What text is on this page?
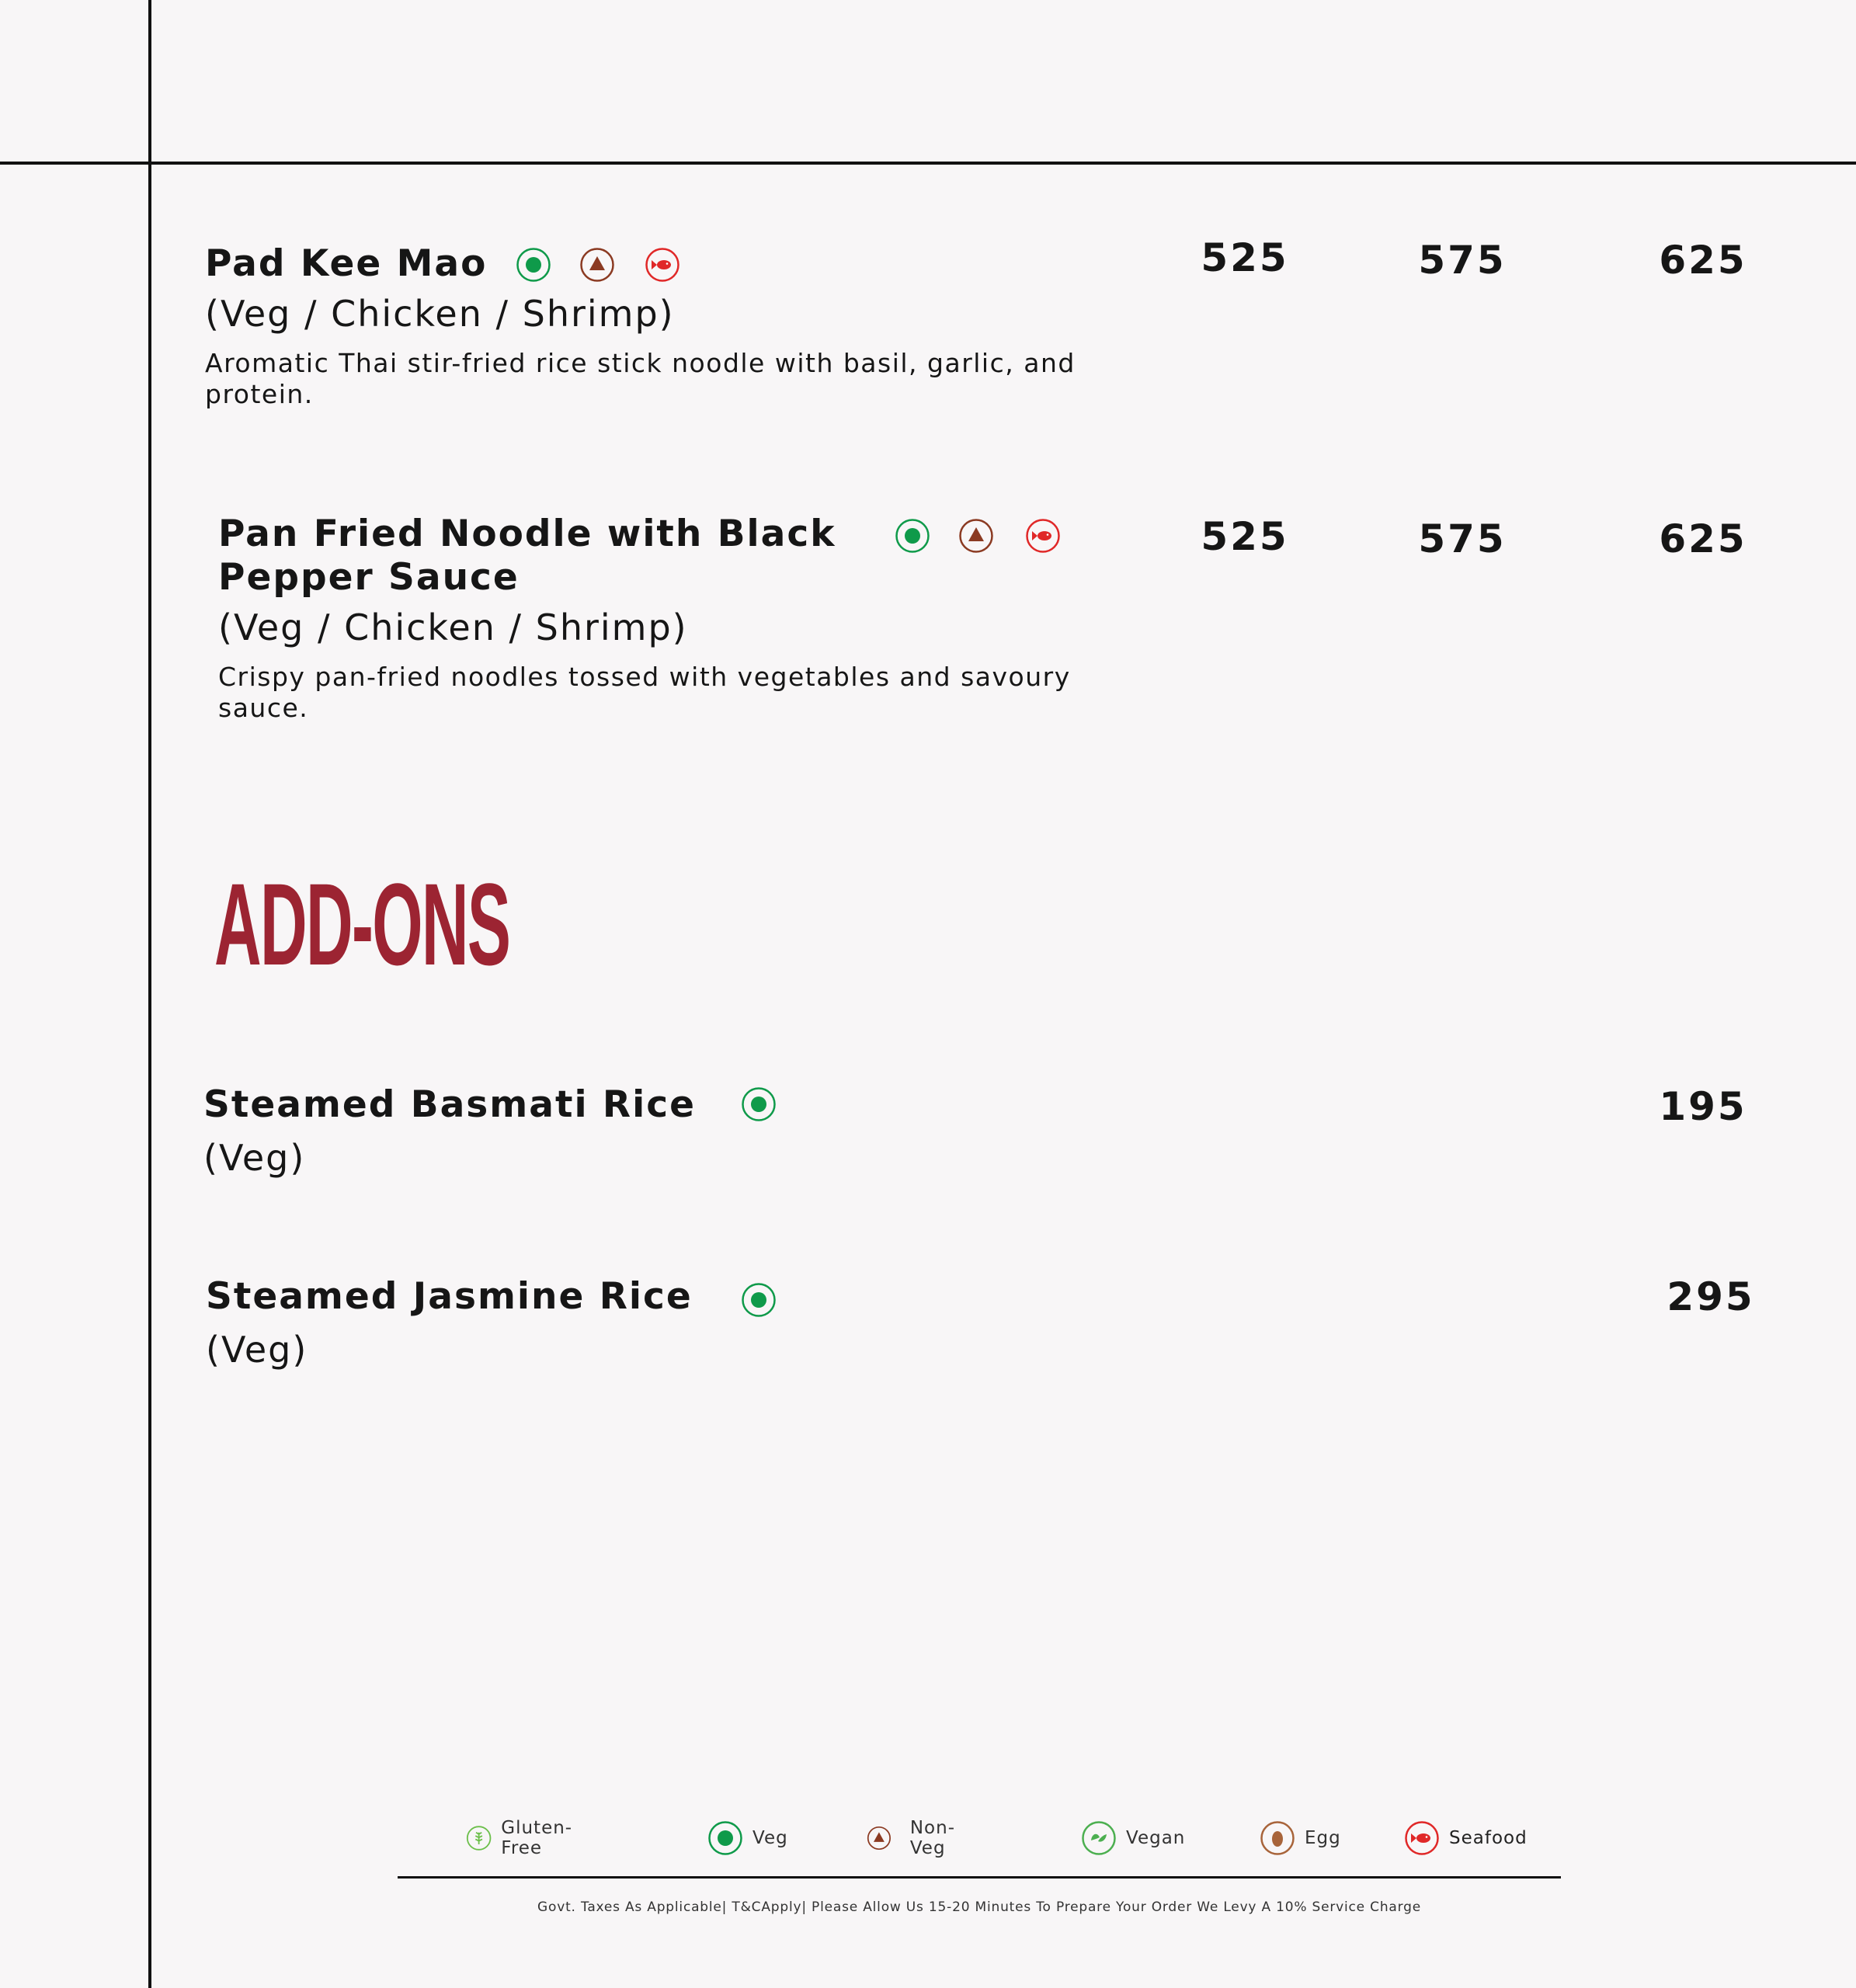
Pad Kee Mao
(Veg / Chicken / Shrimp)
Aromatic Thai stir-fried rice stick noodle with basil, garlic, and protein.
525	575	625
Pan Fried Noodle with Black Pepper Sauce
(Veg / Chicken / Shrimp)
Crispy pan-fried noodles tossed with vegetables and savoury sauce.
525	575	625
ADD-ONS
Steamed Basmati Rice
(Veg)
195
Steamed Jasmine Rice
(Veg)
295
Gluten-Free	Veg	Non-Veg	Vegan	Egg	Seafood
Govt. Taxes As Applicable| T&CApply| Please Allow Us 15-20 Minutes To Prepare Your Order We Levy A 10% Service Charge
